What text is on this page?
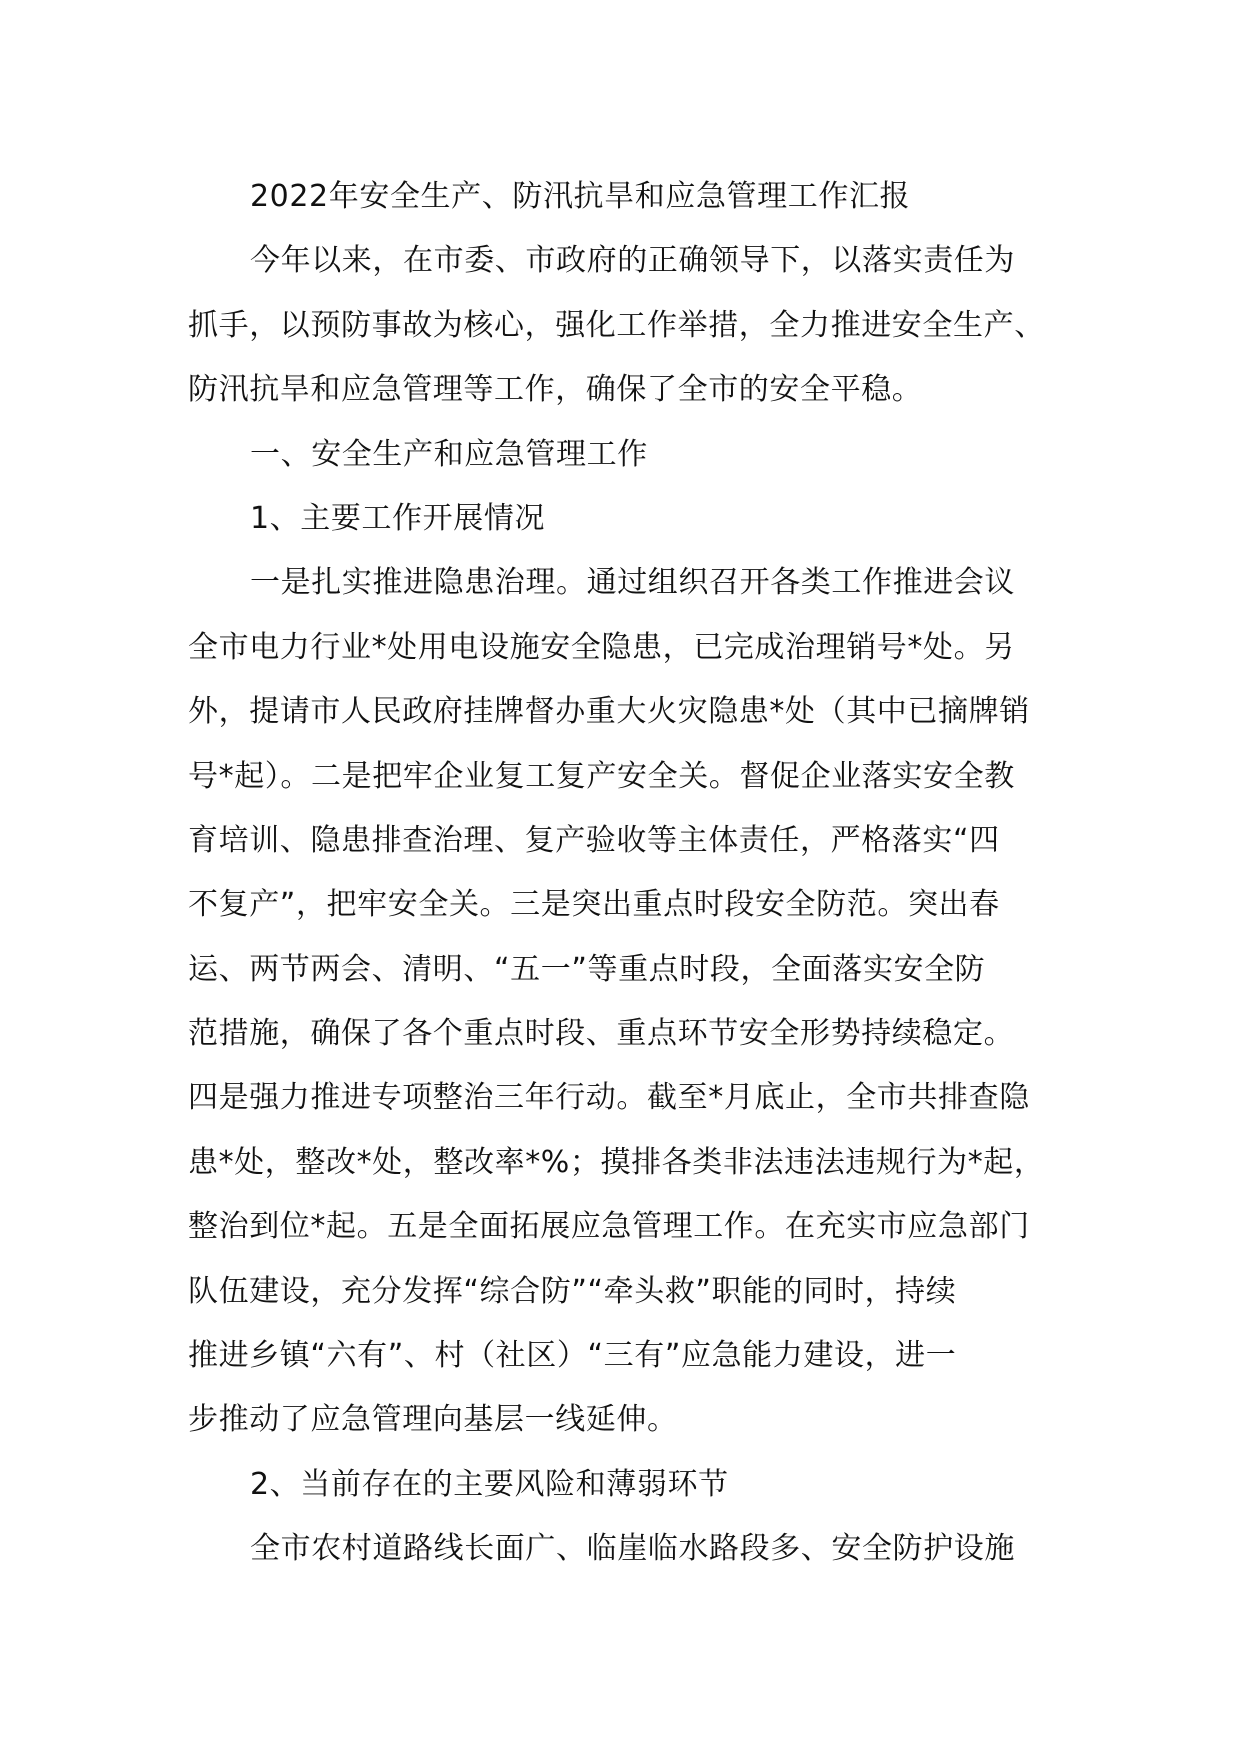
2022年安全生产、防汛抗旱和应急管理工作汇报
今年以来，在市委、市政府的正确领导下，以落实责任为
抓手，以预防事故为核心，强化工作举措，全力推进安全生产、
防汛抗旱和应急管理等工作，确保了全市的安全平稳。
一、安全生产和应急管理工作
1、主要工作开展情况
一是扎实推进隐患治理。通过组织召开各类工作推进会议
全市电力行业*处用电设施安全隐患，已完成治理销号*处。另
外，提请市人民政府挂牌督办重大火灾隐患*处（其中已摘牌销
号*起）。二是把牢企业复工复产安全关。督促企业落实安全教
育培训、隐患排查治理、复产验收等主体责任，严格落实“四
不复产”，把牢安全关。三是突出重点时段安全防范。突出春
运、两节两会、清明、“五一”等重点时段，全面落实安全防
范措施，确保了各个重点时段、重点环节安全形势持续稳定。
四是强力推进专项整治三年行动。截至*月底止，全市共排查隐
患*处，整改*处，整改率*%；摸排各类非法违法违规行为*起，
整治到位*起。五是全面拓展应急管理工作。在充实市应急部门
队伍建设，充分发挥“综合防”“牵头救”职能的同时，持续
推进乡镇“六有”、村（社区）“三有”应急能力建设，进一
步推动了应急管理向基层一线延伸。
2、当前存在的主要风险和薄弱环节
全市农村道路线长面广、临崖临水路段多、安全防护设施
